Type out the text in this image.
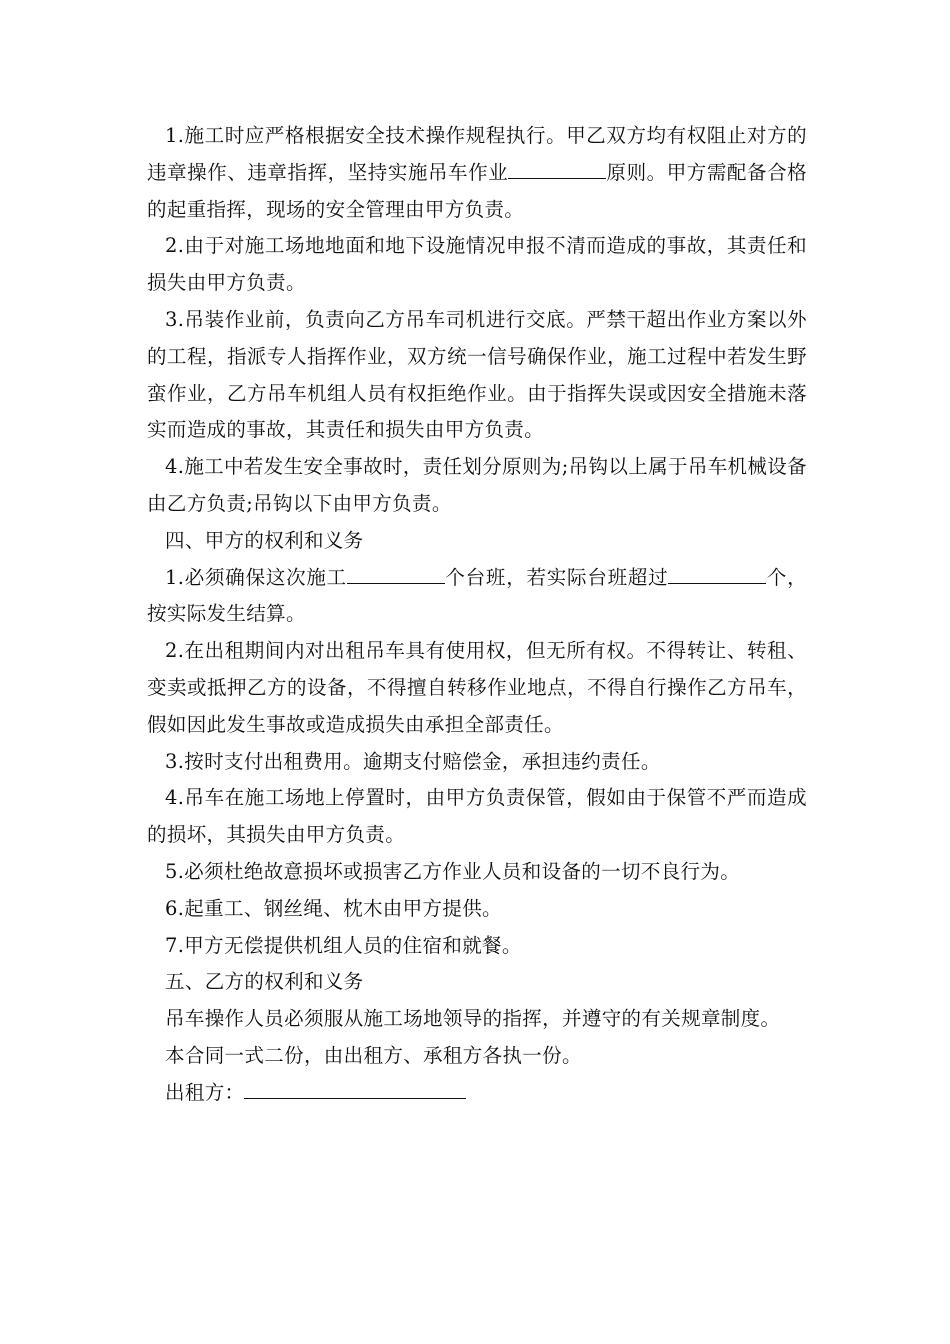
1.施工时应严格根据安全技术操作规程执行。甲乙双方均有权阻止对方的违章操作、违章指挥，坚持实施吊车作业	原则。甲方需配备合格的起重指挥，现场的安全管理由甲方负责。

2.由于对施工场地地面和地下设施情况申报不清而造成的事故，其责任和损失由甲方负责。

3.吊装作业前，负责向乙方吊车司机进行交底。严禁干超出作业方案以外的工程，指派专人指挥作业，双方统一信号确保作业，施工过程中若发生野蛮作业，乙方吊车机组人员有权拒绝作业。由于指挥失误或因安全措施未落实而造成的事故，其责任和损失由甲方负责。

4.施工中若发生安全事故时，责任划分原则为;吊钩以上属于吊车机械设备由乙方负责;吊钩以下由甲方负责。

四、甲方的权利和义务

1.必须确保这次施工	个台班，若实际台班超过	个，按实际发生结算。

2.在出租期间内对出租吊车具有使用权，但无所有权。不得转让、转租、变卖或抵押乙方的设备，不得擅自转移作业地点，不得自行操作乙方吊车，假如因此发生事故或造成损失由承担全部责任。

3.按时支付出租费用。逾期支付赔偿金，承担违约责任。

4.吊车在施工场地上停置时，由甲方负责保管，假如由于保管不严而造成的损坏，其损失由甲方负责。

5.必须杜绝故意损坏或损害乙方作业人员和设备的一切不良行为。

6.起重工、钢丝绳、枕木由甲方提供。

7.甲方无偿提供机组人员的住宿和就餐。

五、乙方的权利和义务

吊车操作人员必须服从施工场地领导的指挥，并遵守的有关规章制度。

本合同一式二份，由出租方、承租方各执一份。

出租方：
